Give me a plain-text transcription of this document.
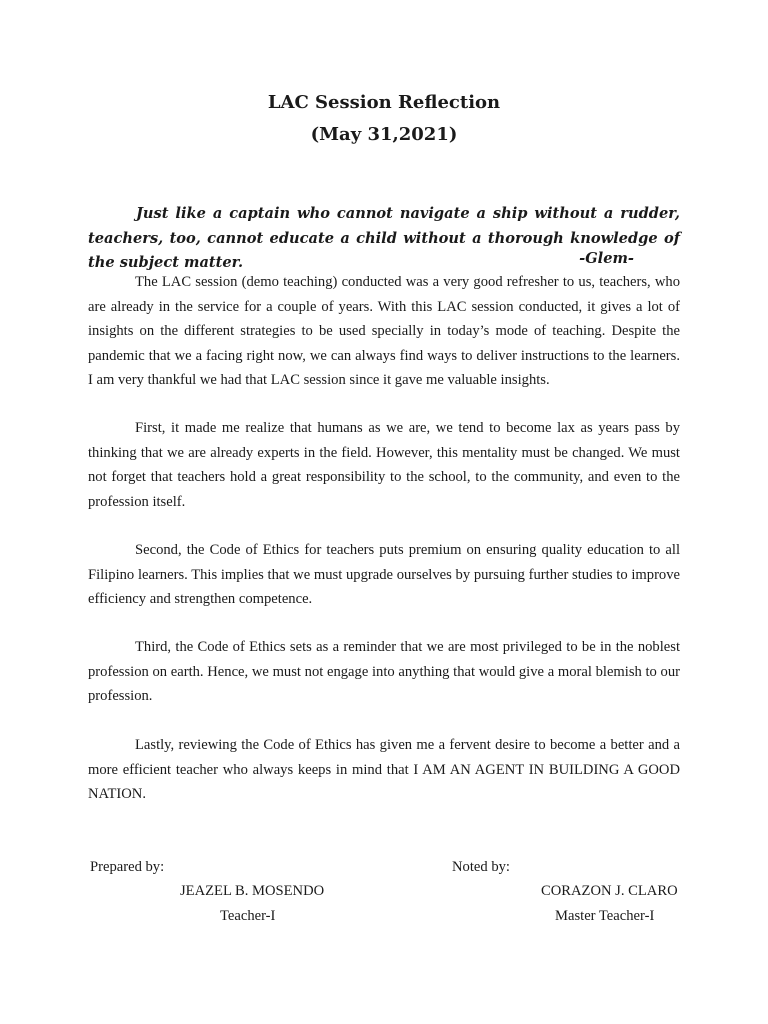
LAC Session Reflection
(May 31,2021)

Just like a captain who cannot navigate a ship without a rudder, teachers, too, cannot educate a child without a thorough knowledge of the subject matter.	-Glem-

The LAC session (demo teaching) conducted was a very good refresher to us, teachers, who are already in the service for a couple of years. With this LAC session conducted, it gives a lot of insights on the different strategies to be used specially in today’s mode of teaching. Despite the pandemic that we a facing right now, we can always find ways to deliver instructions to the learners. I am very thankful we had that LAC session since it gave me valuable insights.

First, it made me realize that humans as we are, we tend to become lax as years pass by thinking that we are already experts in the field. However, this mentality must be changed. We must not forget that teachers hold a great responsibility to the school, to the community, and even to the profession itself.

Second, the Code of Ethics for teachers puts premium on ensuring quality education to all Filipino learners. This implies that we must upgrade ourselves by pursuing further studies to improve efficiency and strengthen competence.

Third, the Code of Ethics sets as a reminder that we are most privileged to be in the noblest profession on earth. Hence, we must not engage into anything that would give a moral blemish to our profession.

Lastly, reviewing the Code of Ethics has given me a fervent desire to become a better and a more efficient teacher who always keeps in mind that I AM AN AGENT IN BUILDING A GOOD NATION.

Prepared by:

JEAZEL B. MOSENDO

Teacher-I

Noted by:

CORAZON J. CLARO

Master Teacher-I
